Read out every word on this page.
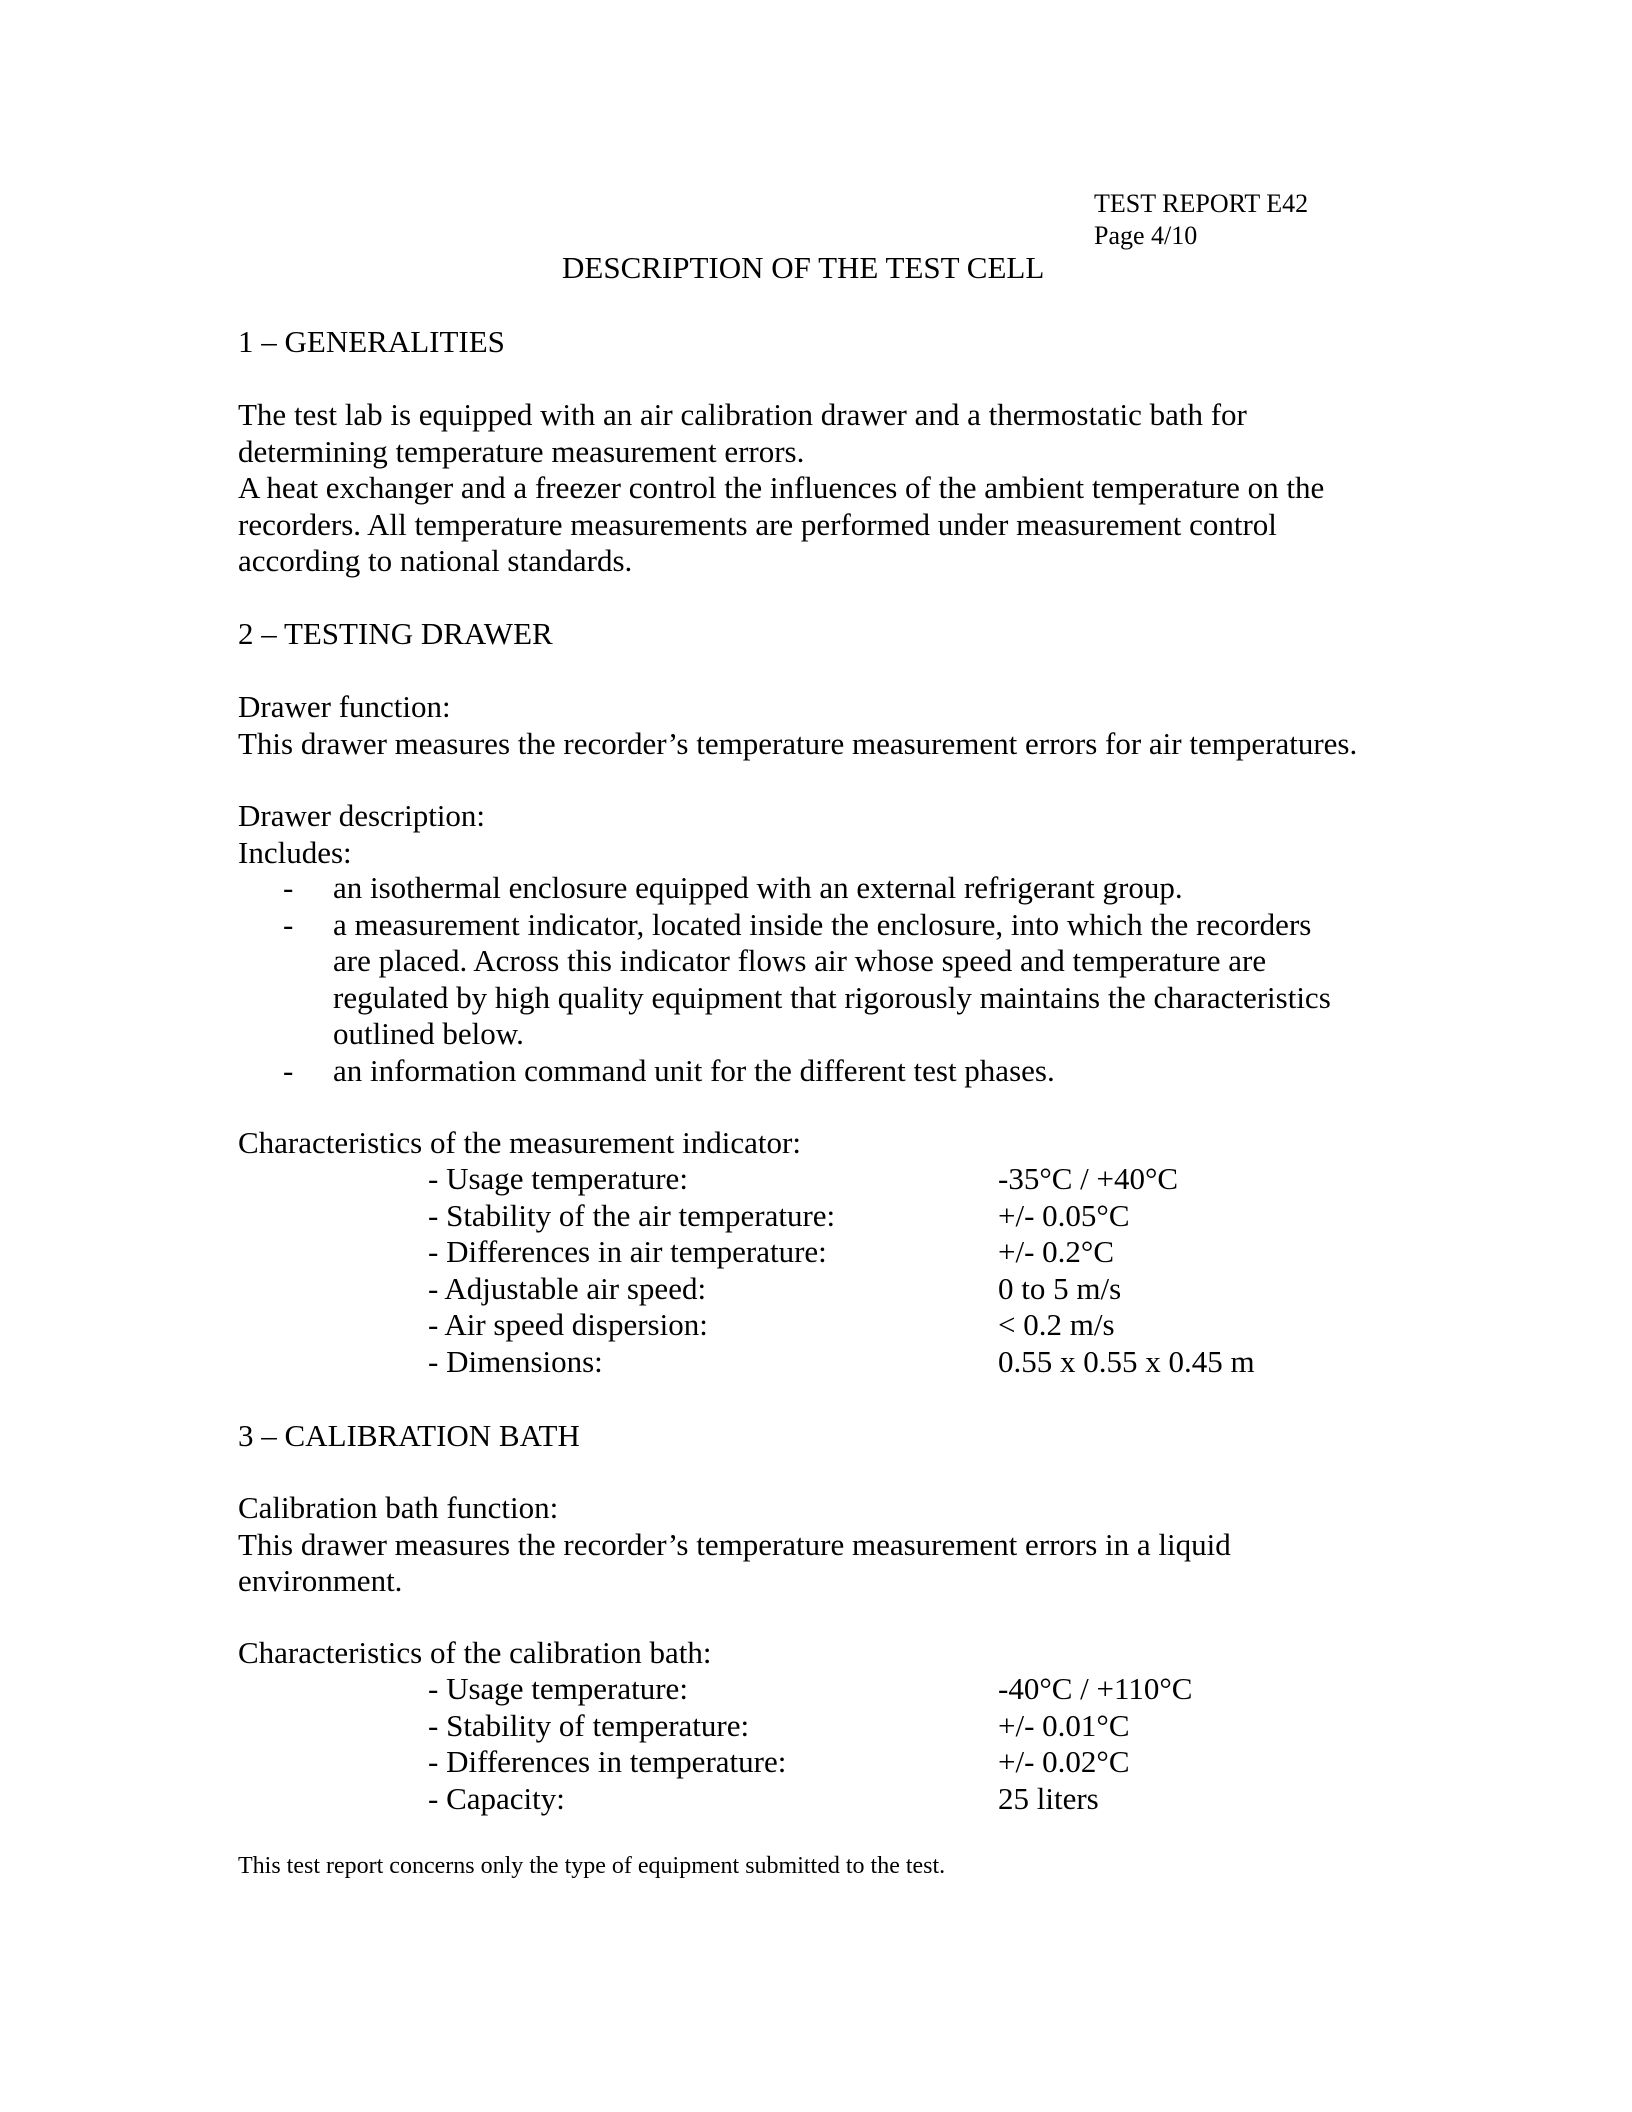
TEST REPORT E42
Page 4/10
DESCRIPTION OF THE TEST CELL
1 – GENERALITIES
The test lab is equipped with an air calibration drawer and a thermostatic bath for
determining temperature measurement errors.
A heat exchanger and a freezer control the influences of the ambient temperature on the
recorders. All temperature measurements are performed under measurement control
according to national standards.
2 – TESTING DRAWER
Drawer function:
This drawer measures the recorder’s temperature measurement errors for air temperatures.
Drawer description:
Includes:
- an isothermal enclosure equipped with an external refrigerant group.
- a measurement indicator, located inside the enclosure, into which the recorders
are placed. Across this indicator flows air whose speed and temperature are
regulated by high quality equipment that rigorously maintains the characteristics
outlined below.
- an information command unit for the different test phases.
Characteristics of the measurement indicator:
- Usage temperature:	-35°C / +40°C
- Stability of the air temperature:	+/- 0.05°C
- Differences in air temperature:	+/- 0.2°C
- Adjustable air speed:	0 to 5 m/s
- Air speed dispersion:	< 0.2 m/s
- Dimensions:	0.55 x 0.55 x 0.45 m
3 – CALIBRATION BATH
Calibration bath function:
This drawer measures the recorder’s temperature measurement errors in a liquid
environment.
Characteristics of the calibration bath:
- Usage temperature:	-40°C / +110°C
- Stability of temperature:	+/- 0.01°C
- Differences in temperature:	+/- 0.02°C
- Capacity:	25 liters
This test report concerns only the type of equipment submitted to the test.
